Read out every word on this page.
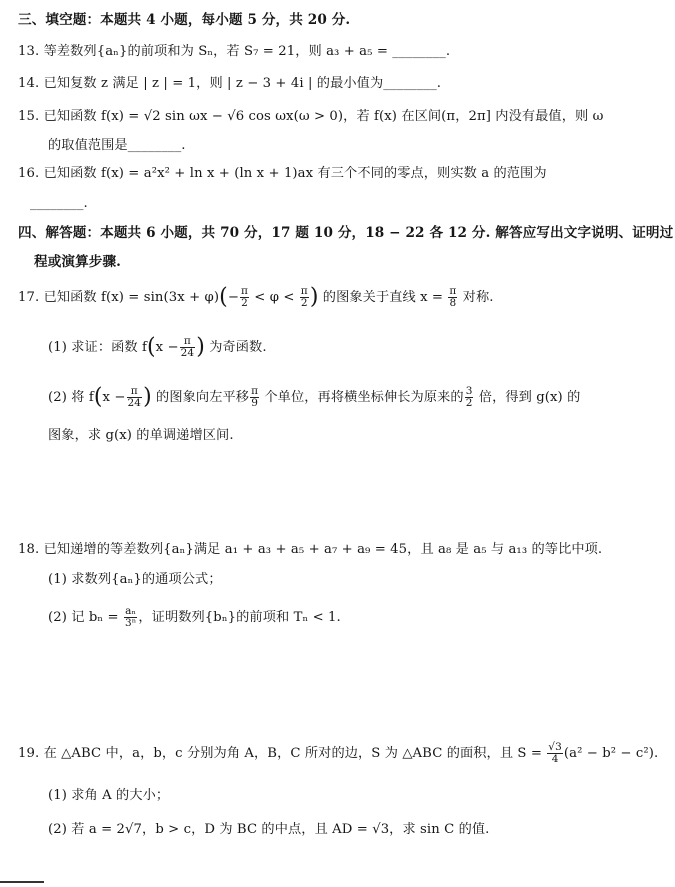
三、填空题：本题共 4 小题，每小题 5 分，共 20 分.
13. 等差数列{aₙ}的前项和为 Sₙ，若 S₇ = 21，则 a₃ + a₅ = ________.
14. 已知复数 z 满足 | z | = 1，则 | z − 3 + 4i | 的最小值为________.
15. 已知函数 f(x) = √2 sin ωx − √6 cos ωx(ω > 0)，若 f(x) 在区间(π，2π] 内没有最值，则 ω
的取值范围是________.
16. 已知函数 f(x) = a²x² + ln x + (ln x + 1)ax 有三个不同的零点，则实数 a 的范围为
________.
四、解答题：本题共 6 小题，共 70 分，17 题 10 分，18 − 22 各 12 分. 解答应写出文字说明、证明过
程或演算步骤.
17. 已知函数 $f(x) = \sin(3x + \varphi)(- \frac{\pi}{2} < \varphi < \frac{\pi}{2}$ ) 的图象关于直线 $x = \frac{\pi}{8}$ 对称.
(1) 求证：函数 $f(x - \frac{\pi}{24}$ ) 为奇函数.
(2) 将 $f(x - \frac{\pi}{24}$ ) 的图象向左平移 $\frac{\pi}{9}$ 个单位，再将横坐标伸长为原来的 $\frac{3}{2}$ 倍，得到 g(x) 的
图象，求 g(x) 的单调递增区间.
18. 已知递增的等差数列{aₙ}满足 a₁ + a₃ + a₅ + a₇ + a₉ = 45，且 a₈ 是 a₅ 与 a₁₃ 的等比中项.
(1) 求数列{aₙ}的通项公式；
(2) 记 $b_n = \frac{\text{aₙ}}{\text{3ⁿ}}$ ，证明数列{bₙ}的前项和 Tₙ < 1.
19. 在 △ABC 中，a，b，c 分别为角 A，B，C 所对的边，S 为 △ABC 的面积，且 $S = \frac{√3}{4} (a^2 - b^2 - c^2)$.
(1) 求角 A 的大小；
(2) 若 a = 2√7，b > c，D 为 BC 的中点，且 AD = √3，求 sin C 的值.
